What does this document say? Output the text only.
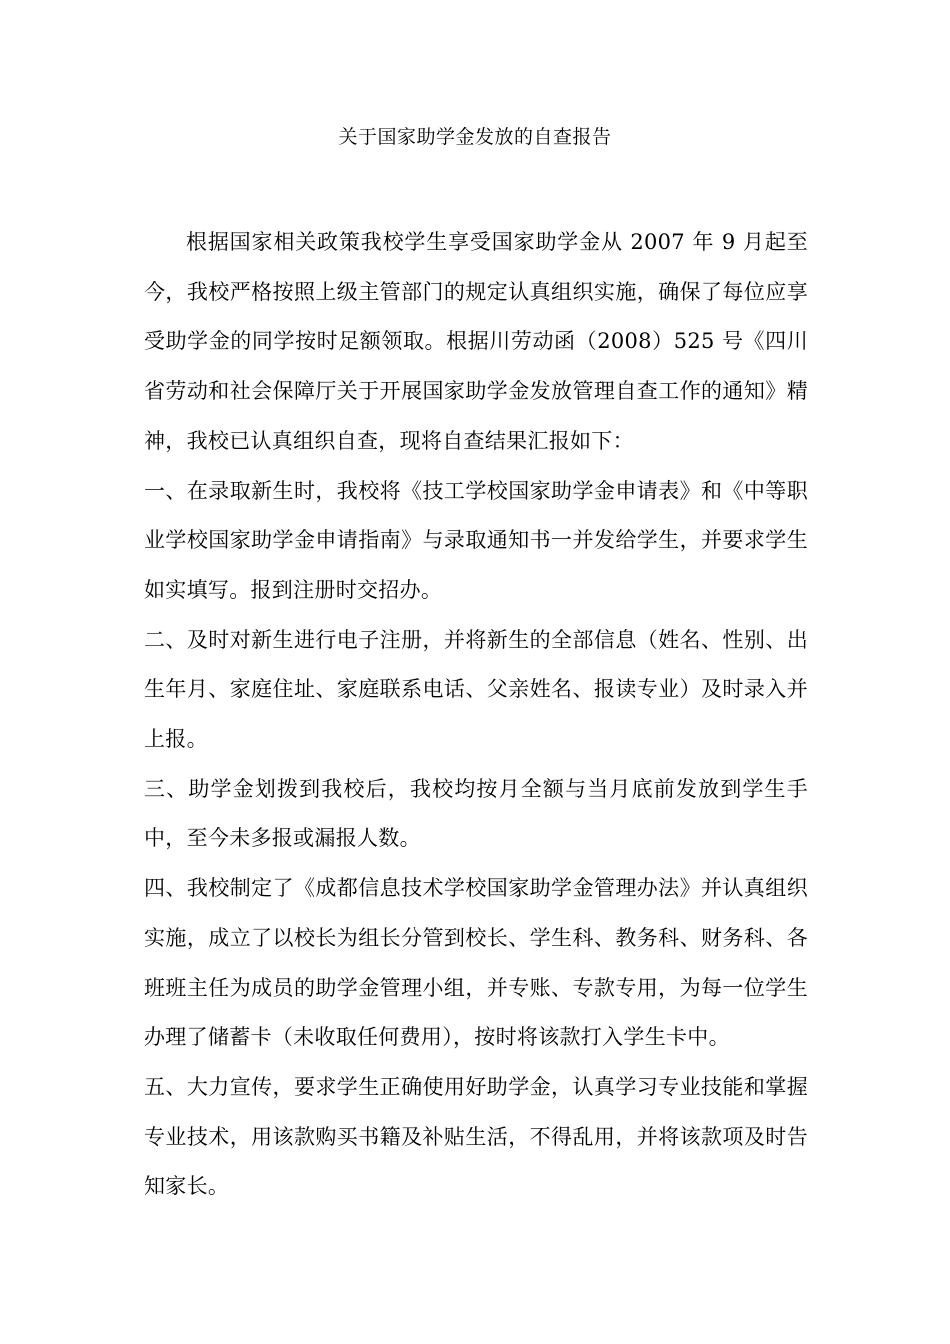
关于国家助学金发放的自查报告

根据国家相关政策我校学生享受国家助学金从 2007 年 9 月起至今，我校严格按照上级主管部门的规定认真组织实施，确保了每位应享受助学金的同学按时足额领取。根据川劳动函（2008）525 号《四川省劳动和社会保障厅关于开展国家助学金发放管理自查工作的通知》精神，我校已认真组织自查，现将自查结果汇报如下：

一、在录取新生时，我校将《技工学校国家助学金申请表》和《中等职业学校国家助学金申请指南》与录取通知书一并发给学生，并要求学生如实填写。报到注册时交招办。

二、及时对新生进行电子注册，并将新生的全部信息（姓名、性别、出生年月、家庭住址、家庭联系电话、父亲姓名、报读专业）及时录入并上报。

三、助学金划拨到我校后，我校均按月全额与当月底前发放到学生手中，至今未多报或漏报人数。

四、我校制定了《成都信息技术学校国家助学金管理办法》并认真组织实施，成立了以校长为组长分管到校长、学生科、教务科、财务科、各班班主任为成员的助学金管理小组，并专账、专款专用，为每一位学生办理了储蓄卡（未收取任何费用），按时将该款打入学生卡中。

五、大力宣传，要求学生正确使用好助学金，认真学习专业技能和掌握专业技术，用该款购买书籍及补贴生活，不得乱用，并将该款项及时告知家长。
